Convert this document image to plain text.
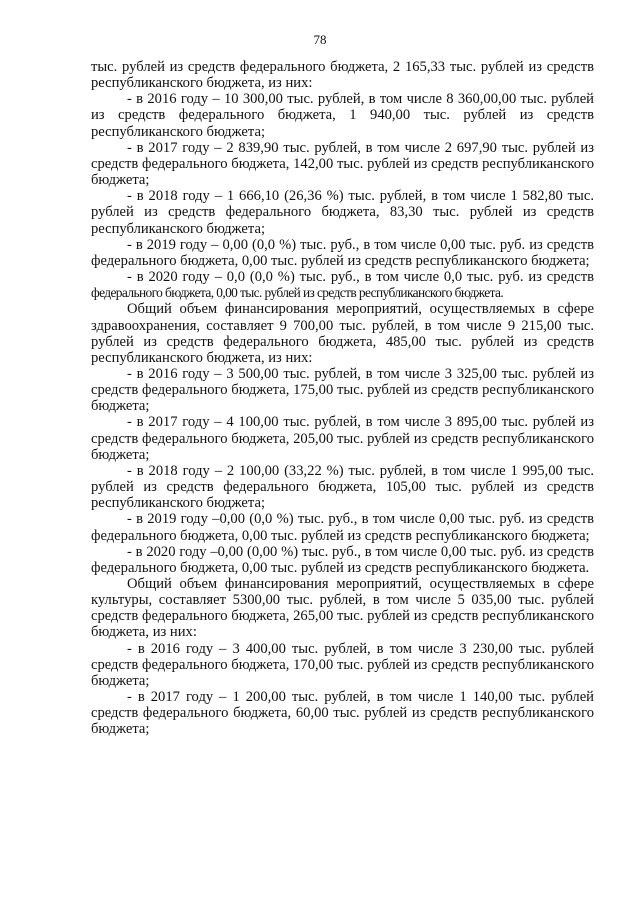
78

тыс. рублей из средств федерального бюджета, 2 165,33 тыс. рублей из средств республиканского бюджета, из них:

- в 2016 году – 10 300,00 тыс. рублей, в том числе 8 360,00,00 тыс. рублей из средств федерального бюджета, 1 940,00 тыс. рублей из средств республиканского бюджета;

- в 2017 году – 2 839,90 тыс. рублей, в том числе 2 697,90 тыс. рублей из средств федерального бюджета, 142,00 тыс. рублей из средств республиканского бюджета;

- в 2018 году – 1 666,10 (26,36 %) тыс. рублей, в том числе 1 582,80 тыс. рублей из средств федерального бюджета, 83,30 тыс. рублей из средств республиканского бюджета;

- в 2019 году – 0,00 (0,0 %) тыс. руб., в том числе 0,00 тыс. руб. из средств федерального бюджета, 0,00 тыс. рублей из средств республиканского бюджета;

- в 2020 году – 0,0 (0,0 %) тыс. руб., в том числе 0,0 тыс. руб. из средств

федерального бюджета, 0,00 тыс. рублей из средств республиканского бюджета.

Общий объем финансирования мероприятий, осуществляемых в сфере здравоохранения, составляет 9 700,00 тыс. рублей, в том числе 9 215,00 тыс. рублей из средств федерального бюджета, 485,00 тыс. рублей из средств республиканского бюджета, из них:

- в 2016 году – 3 500,00 тыс. рублей, в том числе 3 325,00 тыс. рублей из средств федерального бюджета, 175,00 тыс. рублей из средств республиканского бюджета;

- в 2017 году – 4 100,00 тыс. рублей, в том числе 3 895,00 тыс. рублей из средств федерального бюджета, 205,00 тыс. рублей из средств республиканского бюджета;

- в 2018 году – 2 100,00 (33,22 %) тыс. рублей, в том числе 1 995,00 тыс. рублей из средств федерального бюджета, 105,00 тыс. рублей из средств республиканского бюджета;

- в 2019 году –0,00 (0,0 %) тыс. руб., в том числе 0,00 тыс. руб. из средств федерального бюджета, 0,00 тыс. рублей из средств республиканского бюджета;

- в 2020 году –0,00 (0,00 %) тыс. руб., в том числе 0,00 тыс. руб. из средств федерального бюджета, 0,00 тыс. рублей из средств республиканского бюджета.

Общий объем финансирования мероприятий, осуществляемых в сфере культуры, составляет 5300,00 тыс. рублей, в том числе 5 035,00 тыс. рублей средств федерального бюджета, 265,00 тыс. рублей из средств республиканского бюджета, из них:

- в 2016 году – 3 400,00 тыс. рублей, в том числе 3 230,00 тыс. рублей средств федерального бюджета, 170,00 тыс. рублей из средств республиканского бюджета;

- в 2017 году – 1 200,00 тыс. рублей, в том числе 1 140,00 тыс. рублей средств федерального бюджета, 60,00 тыс. рублей из средств республиканского бюджета;
